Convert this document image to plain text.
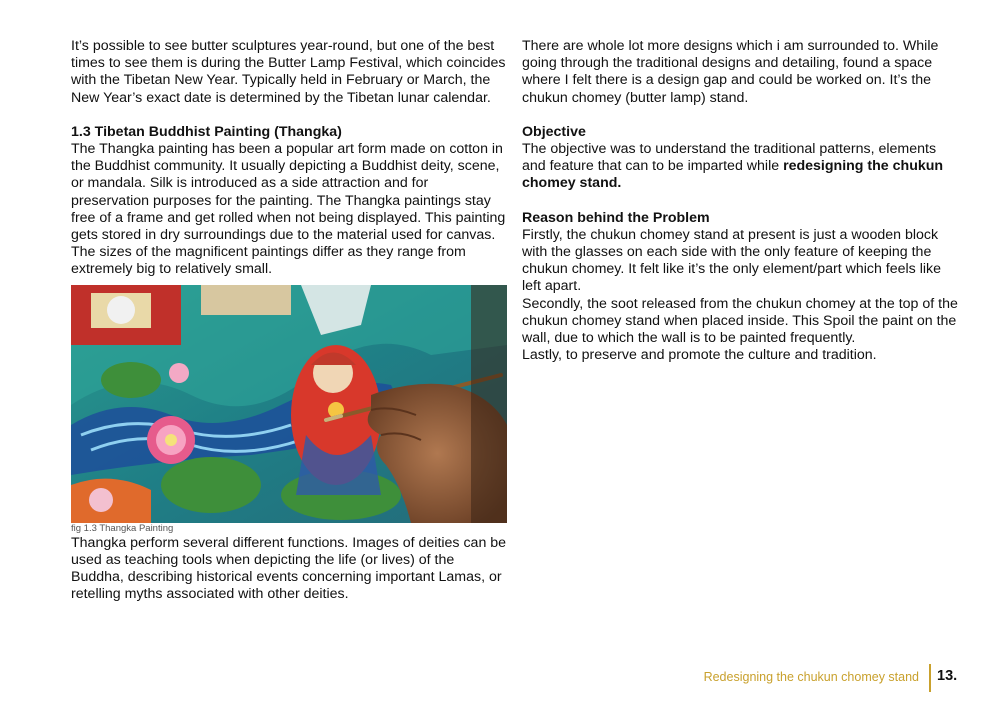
It’s possible to see butter sculptures year-round, but one of the best times to see them is during the Butter Lamp Festival, which coincides with the Tibetan New Year. Typically held in February or March, the New Year’s exact date is determined by the Tibetan lunar calendar.

1.3 Tibetan Buddhist Painting (Thangka)

The Thangka painting has been a popular art form made on cotton in the Buddhist community. It usually depicting a Buddhist deity, scene, or mandala. Silk is introduced as a side attraction and for preservation purposes for the painting. The Thangka paintings stay free of a frame and get rolled when not being displayed. This painting gets stored in dry surroundings due to the material used for canvas. The sizes of the magnificent paintings differ as they range from extremely big to relatively small.

fig 1.3 Thangka Painting

Thangka perform several different functions. Images of deities can be used as teaching tools when depicting the life (or lives) of the Buddha, describing historical events concerning important Lamas, or retelling myths associated with other deities.

There are whole lot more designs which i am surrounded to. While going through the traditional designs and detailing, found a space where I felt there is a design gap and could be worked on. It’s the chukun chomey (butter lamp) stand.

Objective

The objective was to understand the traditional patterns, elements and feature that can to be imparted while redesigning the chukun chomey stand.

Reason behind the Problem

Firstly, the chukun chomey stand at present is just a wooden block with the glasses on each side with the only feature of keeping the chukun chomey. It felt like it’s the only element/part which feels like left apart.

Secondly, the soot released from the chukun chomey at the top of the chukun chomey stand when placed inside. This Spoil the paint on the wall, due to which the wall is to be painted frequently.

Lastly, to preserve and promote the culture and tradition.

Redesigning the chukun chomey stand 13.
